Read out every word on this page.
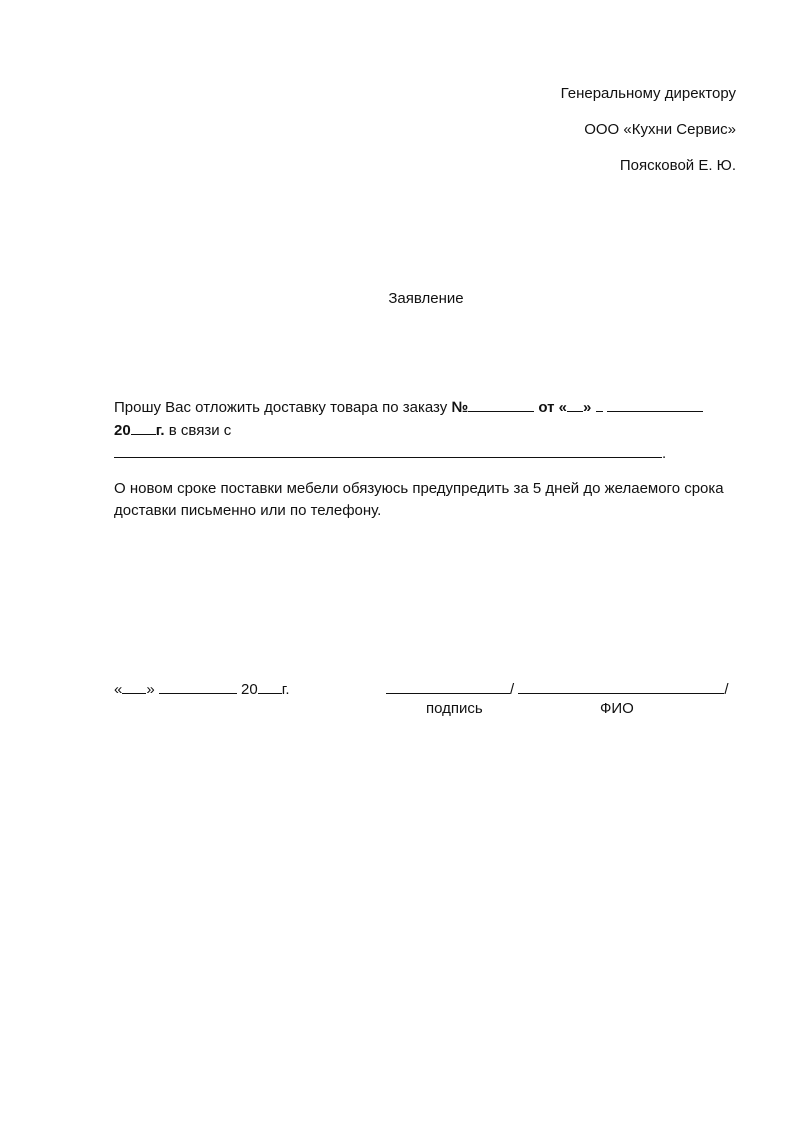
Генеральному директору
ООО «Кухни Сервис»
Поясковой Е. Ю.
Заявление
Прошу Вас отложить доставку товара по заказу №	от « »
20 г. в связи с
.
О новом сроке поставки мебели обязуюсь предупредить за 5 дней до желаемого срока
доставки письменно или по телефону.
« »	20 г.	/	/
подпись	ФИО
